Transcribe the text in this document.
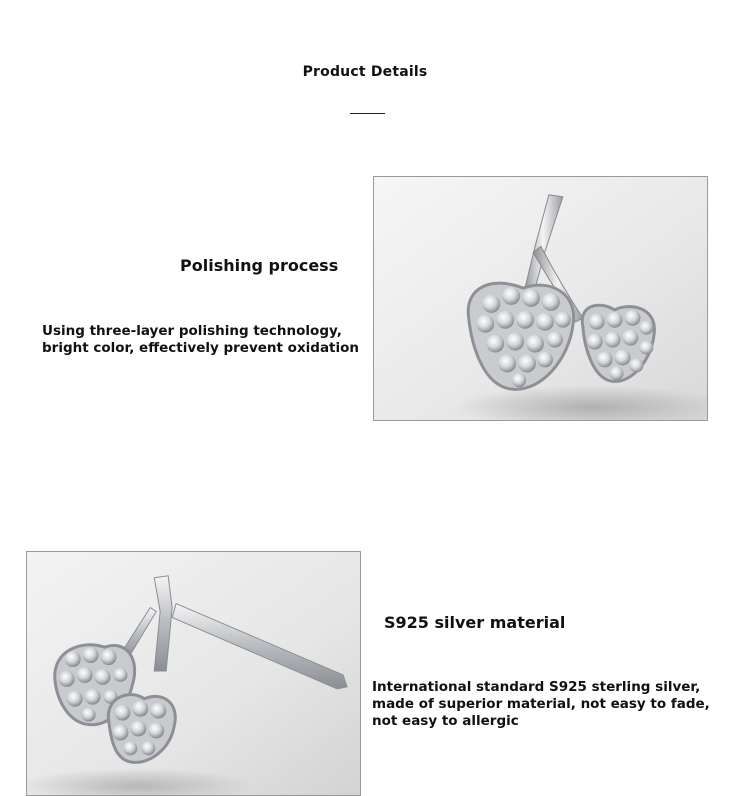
Product Details
Polishing process
Using three-layer polishing technology, bright color, effectively prevent oxidation
S925 silver material
International standard S925 sterling silver, made of superior material, not easy to fade, not easy to allergic
